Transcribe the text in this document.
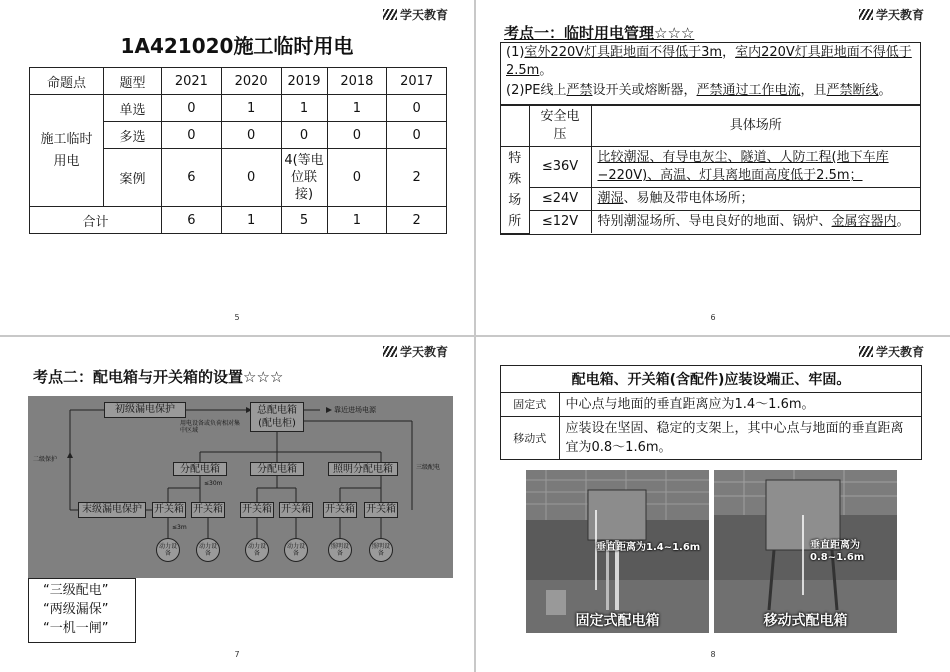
学天教育
1A421020施工临时用电
命题点	题型	2021	2020	2019	2018	2017
施工临时用电	单选	0	1	1	1	0
	多选	0	0	0	0	0
	案例	6	0	4(等电位联接)	0	2
合计		6	1	5	1	2
5
学天教育
考点一：临时用电管理☆☆☆
(1)室外220V灯具距地面不得低于3m，室内220V灯具距地面不得低于2.5m。
(2)PE线上严禁设开关或熔断器，严禁通过工作电流，且严禁断线。
	安全电压	具体场所
特殊场所	≤36V	比较潮湿、有导电灰尘、隧道、人防工程(地下车库−220V)、高温、灯具离地面高度低于2.5m；
	≤24V	潮湿、易触及带电体场所；
	≤12V	特别潮湿场所、导电良好的地面、锅炉、金属容器内。
6
学天教育
考点二：配电箱与开关箱的设置☆☆☆
初级漏电保护	总配电箱(配电柜)
靠近进场电源
用电设备或负荷相对集中区域
二级保护
三级配电
分配电箱	分配电箱	照明分配电箱
≤30m
末级漏电保护	开关箱 开关箱 开关箱 开关箱 开关箱 开关箱
≤3m
动力设备
动力设备
动力设备
动力设备
照明设备
照明设备
“三级配电”
“两级漏保”
“一机一闸”
7
学天教育
配电箱、开关箱(含配件)应装设端正、牢固。
固定式	中心点与地面的垂直距离应为1.4～1.6m。
移动式	应装设在坚固、稳定的支架上，其中心点与地面的垂直距离宜为0.8～1.6m。
垂直距离为1.4~1.6m
固定式配电箱
垂直距离为0.8~1.6m
移动式配电箱
8
